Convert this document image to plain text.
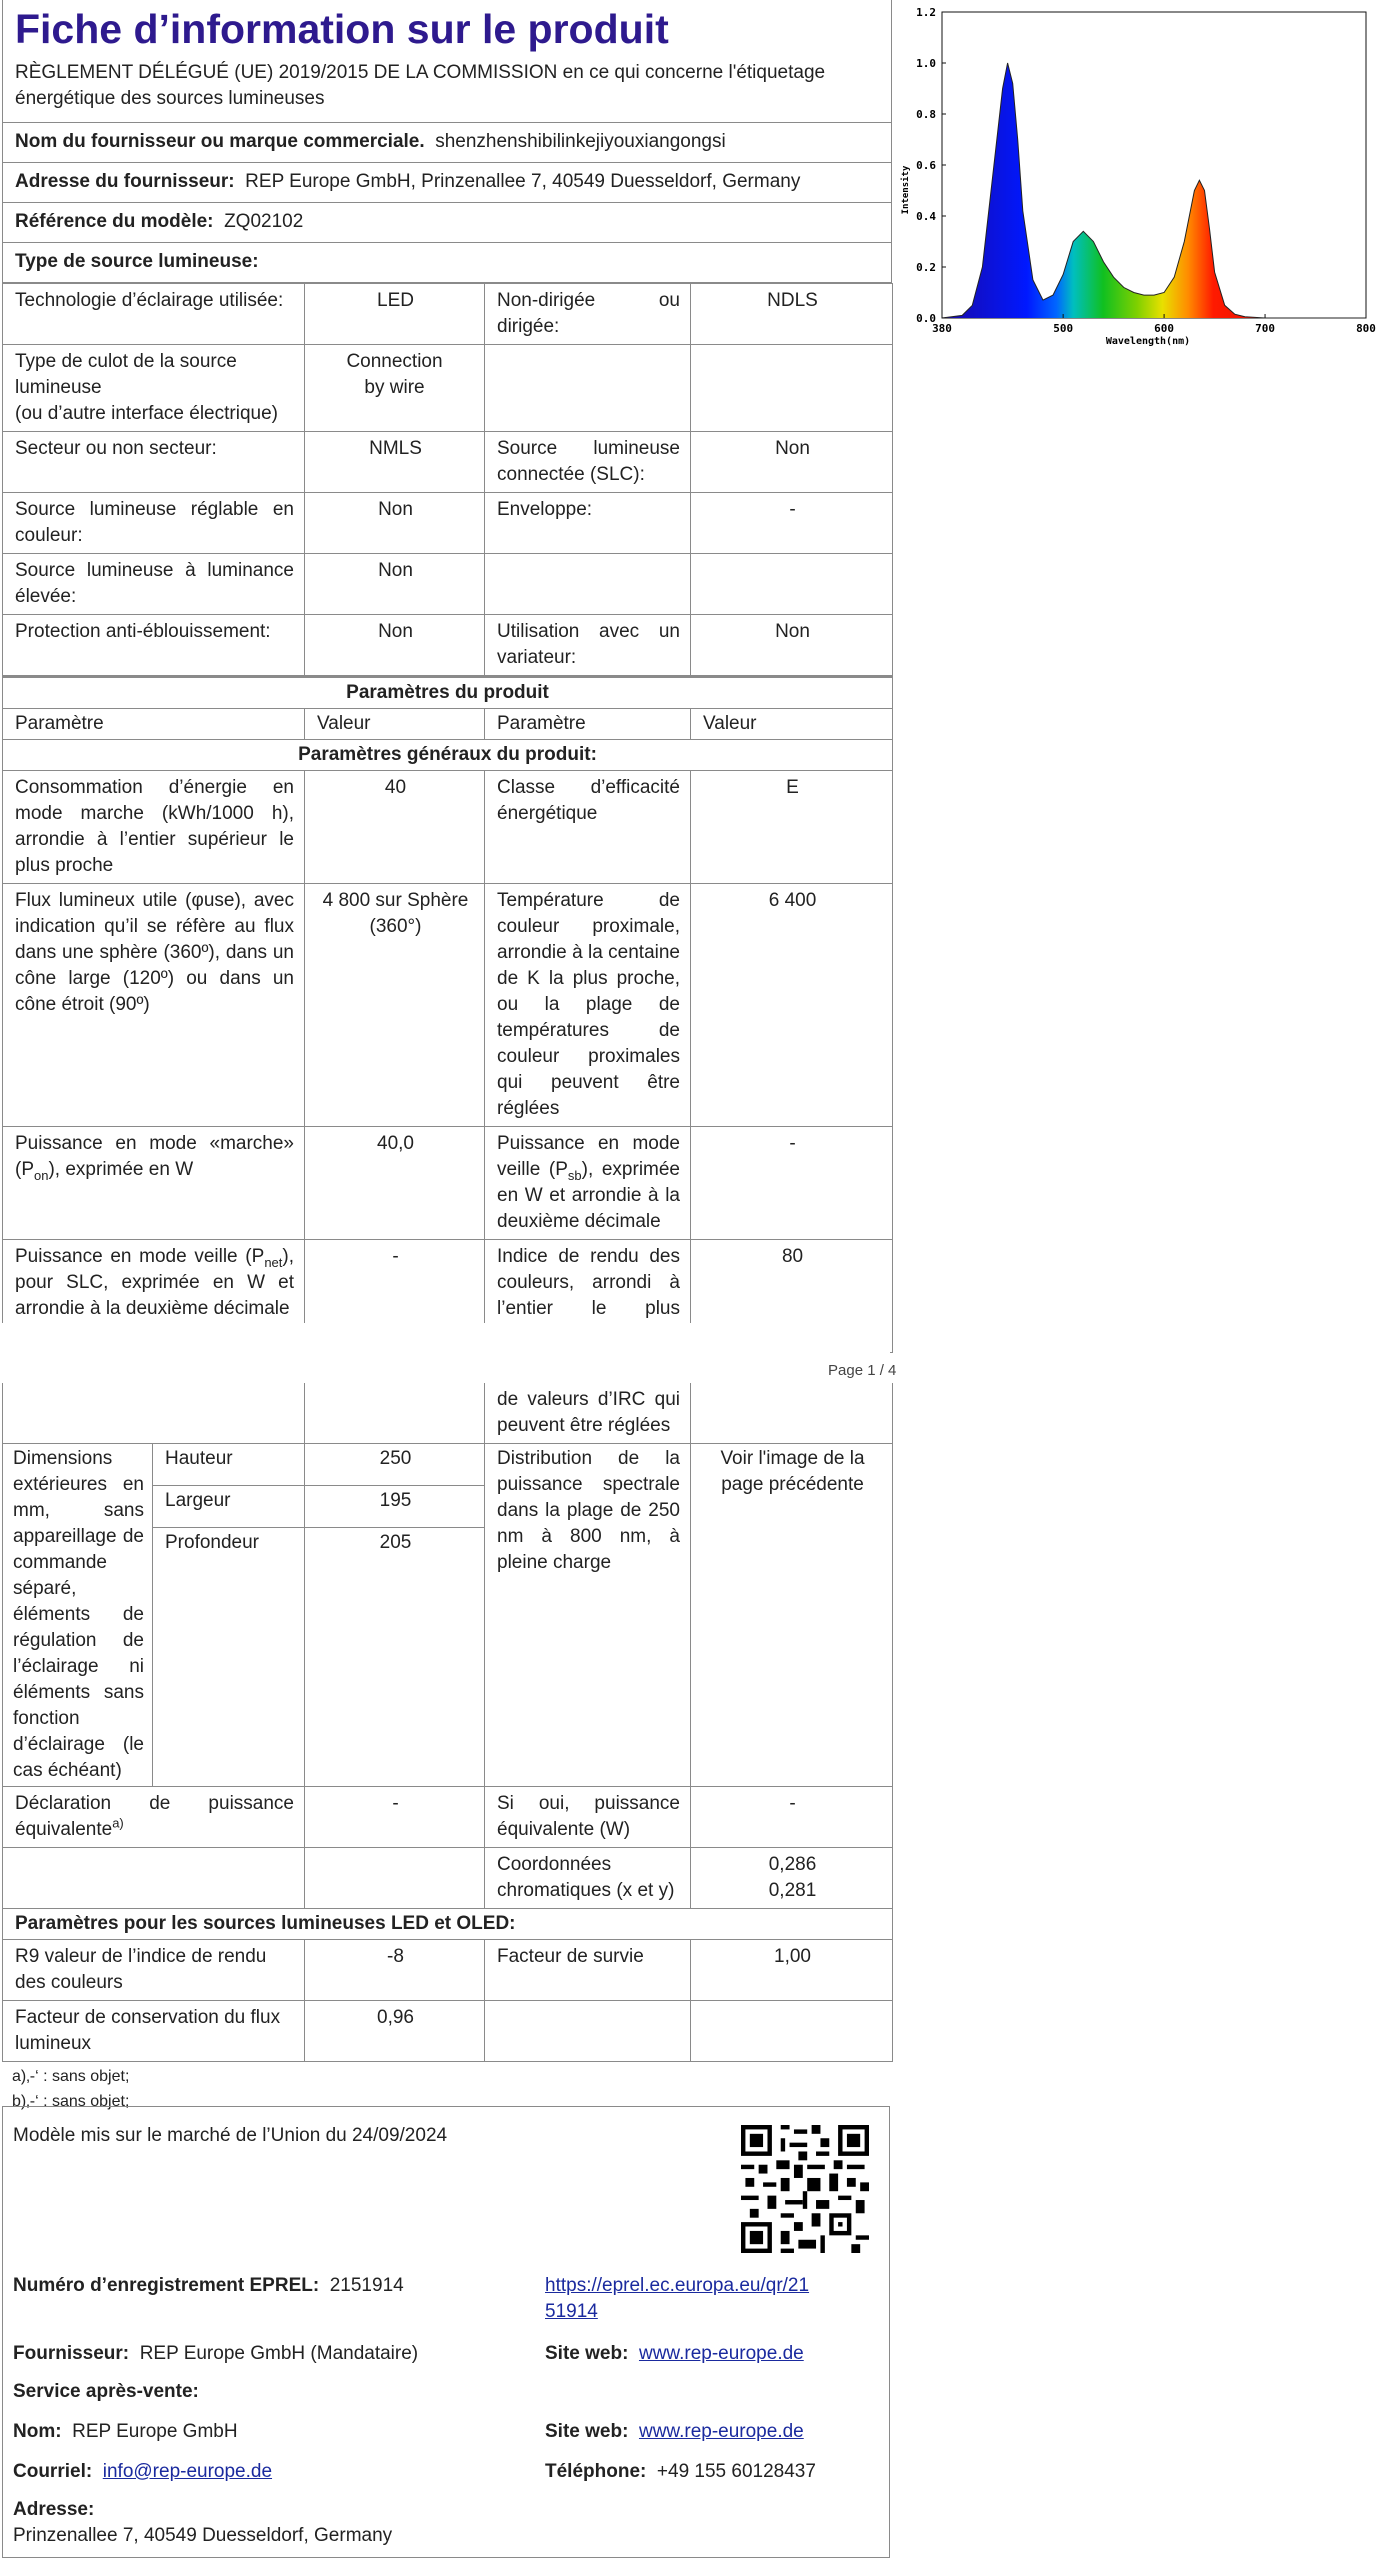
Fiche d’information sur le produit
RÈGLEMENT DÉLÉGUÉ (UE) 2019/2015 DE LA COMMISSION en ce qui concerne l'étiquetage énergétique des sources lumineuses
Nom du fournisseur ou marque commerciale. shenzhenshibilinkejiyouxiangongsi
Adresse du fournisseur: REP Europe GmbH, Prinzenallee 7, 40549 Duesseldorf, Germany
Référence du modèle: ZQ02102
Type de source lumineuse:
Technologie d’éclairage utilisée:	LED	Non-dirigée ou dirigée:	NDLS

Type de culot de la source lumineuse
(ou d’autre interface électrique)	Connection by wire		
Secteur ou non secteur:	NMLS	Source lumineuse connectée (SLC):	Non
Source lumineuse réglable en couleur:	Non	Enveloppe:	-
Source lumineuse à luminance élevée:	Non		
Protection anti-éblouissement:	Non	Utilisation avec un variateur:	Non
Paramètres du produit			
Paramètre	Valeur	Paramètre	Valeur
Paramètres généraux du produit:			
Consommation d’énergie en mode marche (kWh/1000 h), arrondie à l’entier supérieur le plus proche	40	Classe d’efficacité énergétique	E
Flux lumineux utile (φuse), avec indication qu’il se réfère au flux dans une sphère (360º), dans un cône large (120º) ou dans un cône étroit (90º)	4 800 sur Sphère (360°)	Température de couleur proximale, arrondie à la centaine de K la plus proche, ou la plage de températures de couleur proximales qui peuvent être réglées	6 400
Puissance en mode «marche» $(P_{on})$, exprimée en W	40,0	Puissance en mode veille $(P_{sb})$, exprimée en W et arrondie à la deuxième décimale	-
Puissance en mode veille $(P_{net})$, pour SLC, exprimée en W et arrondie à la deuxième décimale	-	Indice de rendu des couleurs, arrondi à l’entier le plus	80
Page 1 / 4
			de valeurs d’IRC qui peuvent être réglées	
Dimensions extérieures en mm, sans appareillage de commande séparé, éléments de régulation de l’éclairage ni éléments sans fonction d’éclairage (le cas échéant)	Hauteur	250	Distribution de la puissance spectrale dans la plage de 250 nm à 800 nm, à pleine charge	Voir l'image de la page précédente
	Largeur	195		
	Profondeur	205		
Déclaration de puissance équivalente$^{a)}$		-	Si oui, puissance équivalente (W)	-
			Coordonnées chromatiques (x et y)	0,286
0,281

Paramètres pour les sources lumineuses LED et OLED:				
R9 valeur de l’indice de rendu des couleurs		-8	Facteur de survie	1,00
Facteur de conservation du flux lumineux		0,96		
a)‚-‘ : sans objet;
b)‚-‘ : sans objet;
Modèle mis sur le marché de l’Union du 24/09/2024
Numéro d’enregistrement EPREL: 2151914	https://eprel.ec.europa.eu/qr/21
51914
Fournisseur: REP Europe GmbH (Mandataire)	Site web: www.rep-europe.de
Service après-vente:
Nom: REP Europe GmbH	Site web: www.rep-europe.de
Courriel: info@rep-europe.de	Téléphone: +49 155 60128437
Adresse:
Prinzenallee 7, 40549 Duesseldorf, Germany
380	500	600	700	800
0.0
0.2
0.4
0.6
0.8
1.0
1.2
Intensity
Wavelength(nm)
